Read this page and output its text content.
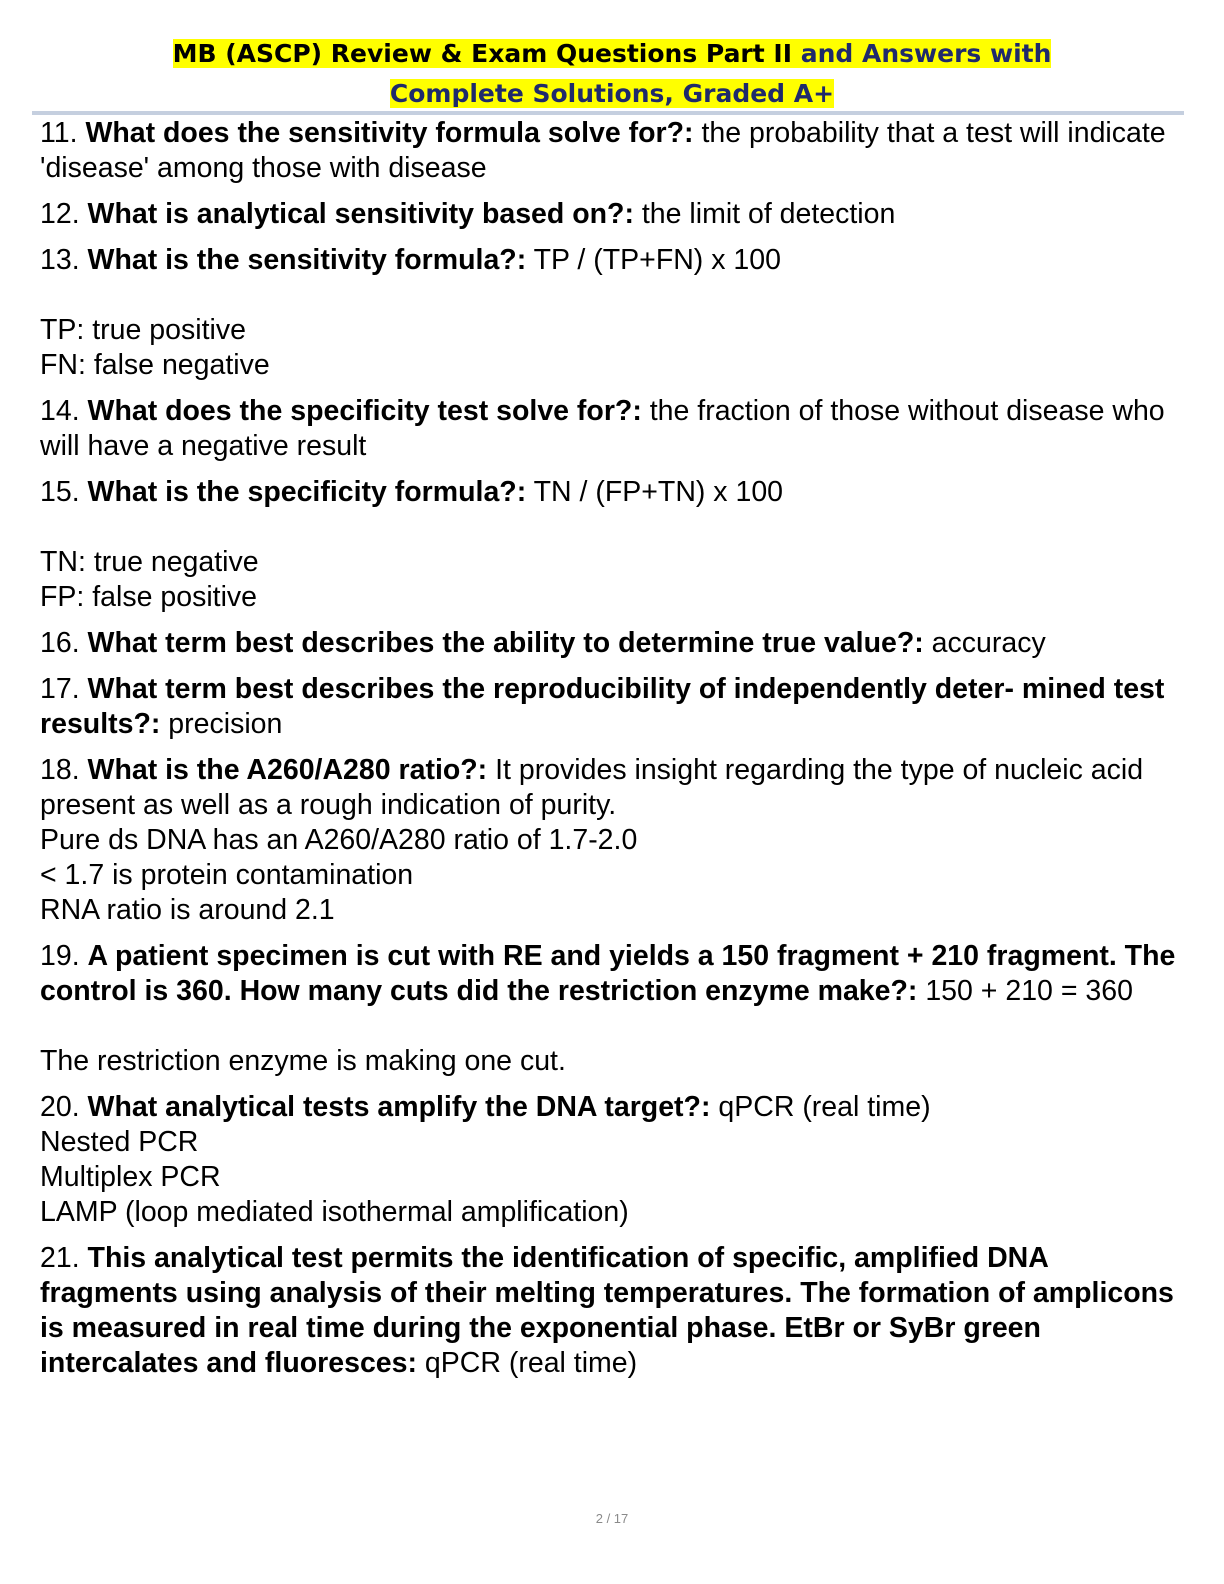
MB (ASCP) Review & Exam Questions Part II and Answers with
Complete Solutions, Graded A+
11. What does the sensitivity formula solve for?: the probability that a test will indicate 'disease' among those with disease
12. What is analytical sensitivity based on?: the limit of detection
13. What is the sensitivity formula?: TP / (TP+FN) x 100
TP: true positive
FN: false negative
14. What does the specificity test solve for?: the fraction of those without disease who will have a negative result
15. What is the specificity formula?: TN / (FP+TN) x 100
TN: true negative
FP: false positive
16. What term best describes the ability to determine true value?: accuracy
17. What term best describes the reproducibility of independently deter- mined test results?: precision
18. What is the A260/A280 ratio?: It provides insight regarding the type of nucleic acid present as well as a rough indication of purity.
Pure ds DNA has an A260/A280 ratio of 1.7-2.0
< 1.7 is protein contamination
RNA ratio is around 2.1
19. A patient specimen is cut with RE and yields a 150 fragment + 210 fragment. The control is 360. How many cuts did the restriction enzyme make?: 150 + 210 = 360
The restriction enzyme is making one cut.
20. What analytical tests amplify the DNA target?: qPCR (real time)
Nested PCR
Multiplex PCR
LAMP (loop mediated isothermal amplification)
21. This analytical test permits the identification of specific, amplified DNA fragments using analysis of their melting temperatures. The formation of amplicons is measured in real time during the exponential phase. EtBr or SyBr green intercalates and fluoresces: qPCR (real time)
2 / 17
